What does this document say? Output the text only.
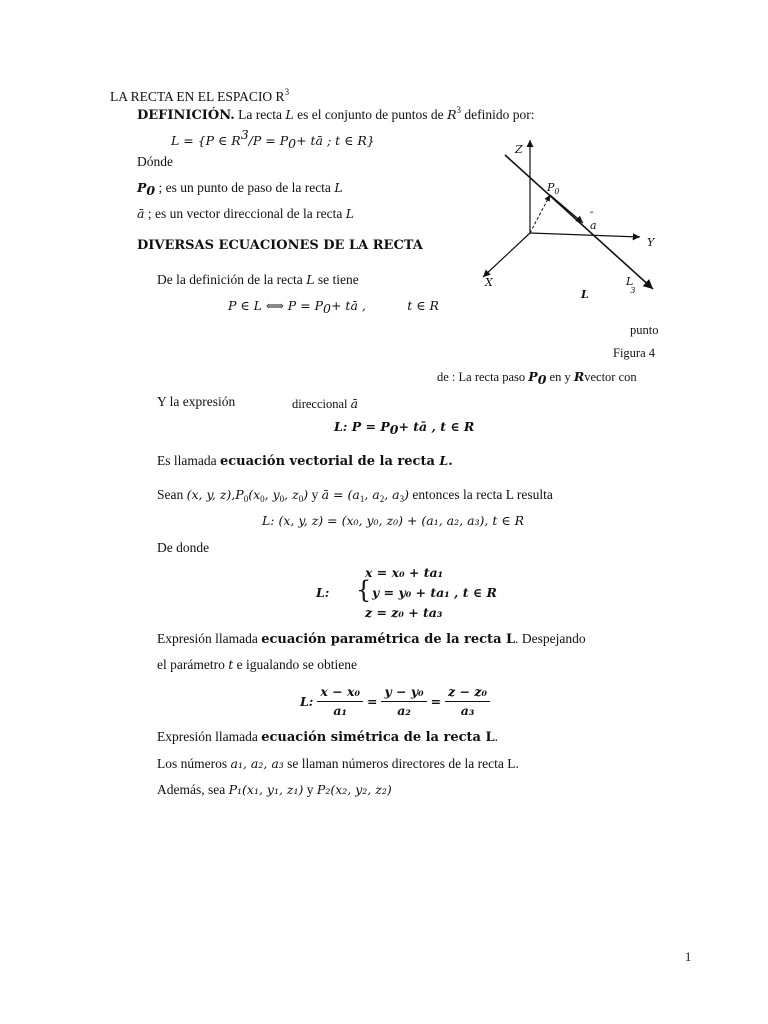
LA RECTA EN EL ESPACIO $R^3$
DEFINICIÓN. La recta L es el conjunto de puntos de $R^3$ definido por:
L = {P ∈ $R^3/P = P_0+$ tā ; t ∈ R}
Dónde
$P_0$ ; es un punto de paso de la recta L
ā ; es un vector direccional de la recta L
DIVERSAS ECUACIONES DE LA RECTA
De la definición de la recta L se tiene
P ∈ L ⟺ $P = P_0+$ tā ,	t ∈ R
Z
Y
X
$P_0$
¯
a
L 3
L
punto
Figura 4
de : La recta paso $P_0$ en y Rvector con
Y la expresión	direccional ā
L: $P = P_0+$ tā , t ∈ R
Es llamada ecuación vectorial de la recta L.
Sean (x, y, $z),P_0(x_0$, $y_0$, $z_0$) y ā = ($a_1$, $a_2$, $a_3$) entonces la recta L resulta
L: (x, y, z) = (x₀, y₀, z₀) + (a₁, a₂, a₃), t ∈ R
De donde
L: {
x = x₀ + ta₁
y = y₀ + ta₁ , t ∈ R
z = z₀ + ta₃
Expresión llamada ecuación paramétrica de la recta L. Despejando
el parámetro t e igualando se obtiene
L: $\frac{\text{x − x₀}}{\text{a₁}} = \frac{\text{y − y₀}}{\text{a₂}} = \frac{\text{z − z₀}}{\text{a₃}}$
Expresión llamada ecuación simétrica de la recta L.
Los números a₁, a₂, a₃ se llaman números directores de la recta L.
Además, sea P₁(x₁, y₁, z₁) y P₂(x₂, y₂, z₂)
1
